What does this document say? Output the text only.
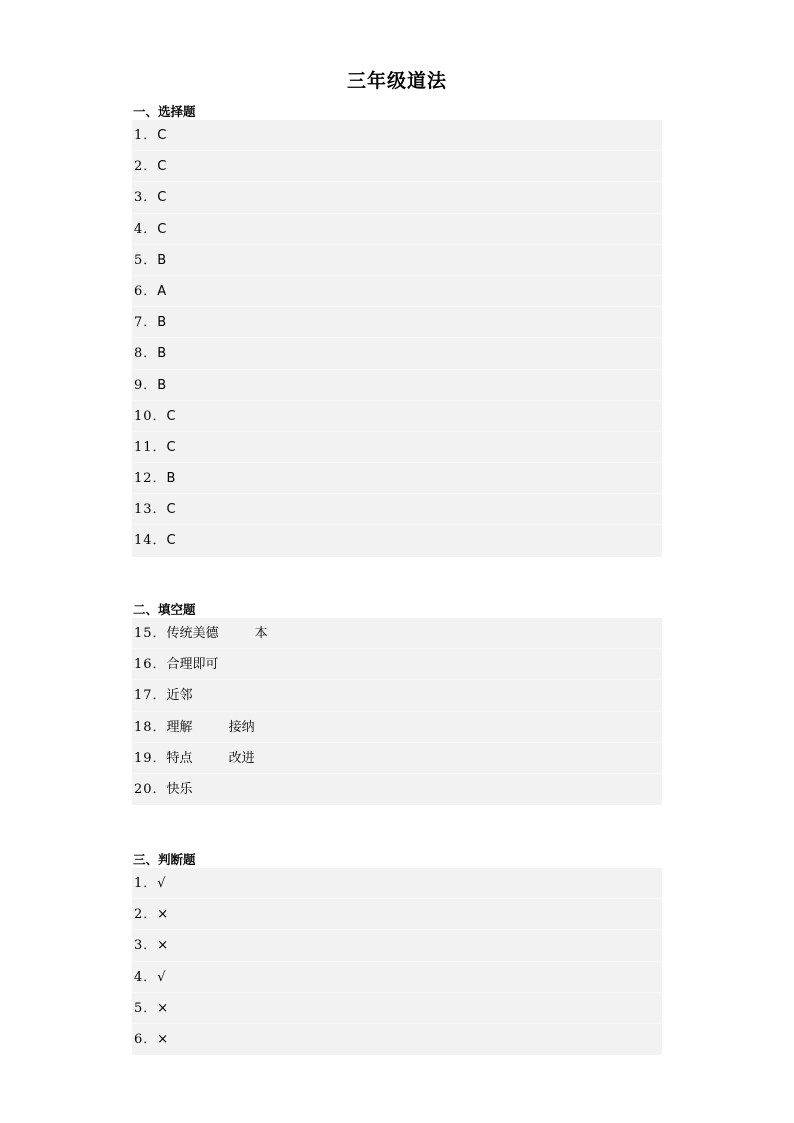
三年级道法
一、选择题
1．C
2．C
3．C
4．C
5．B
6．A
7．B
8．B
9．B
10．C
11．C
12．B
13．C
14．C
二、填空题
15．传统美德	本
16．合理即可
17．近邻
18．理解	接纳
19．特点	改进
20．快乐
三、判断题
1．√
2．×
3．×
4．√
5．×
6．×
